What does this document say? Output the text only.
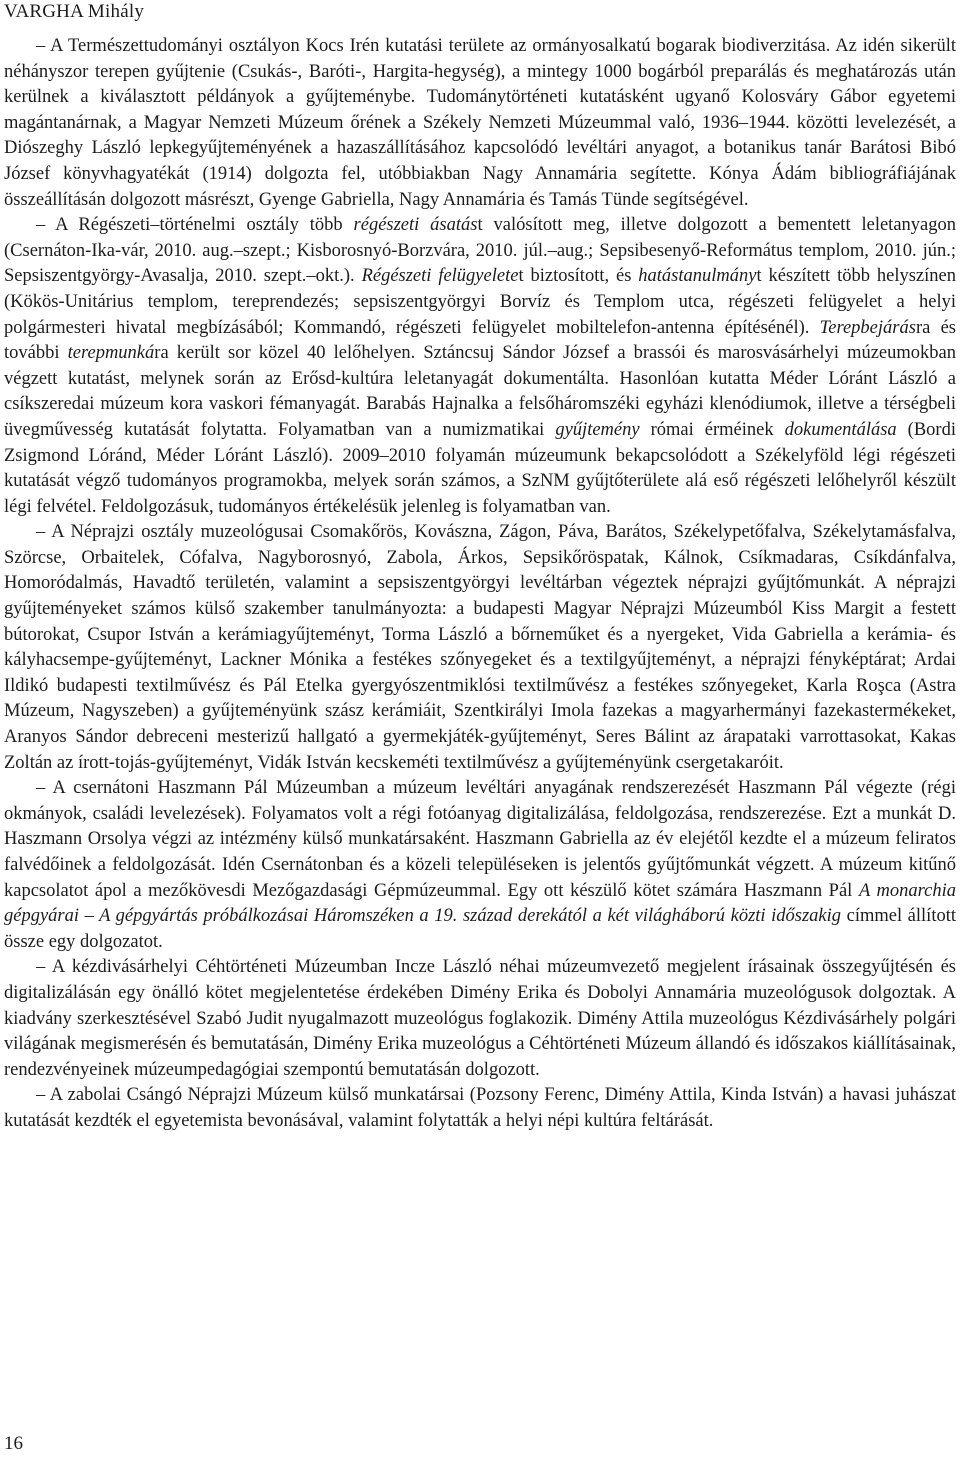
VARGHA Mihály

– A Természettudományi osztályon Kocs Irén kutatási területe az ormányosalkatú bogarak biodiverzitása. Az idén sikerült néhányszor terepen gyűjtenie (Csukás-, Baróti-, Hargita-hegység), a mintegy 1000 bogárból preparálás és meghatározás után kerülnek a kiválasztott példányok a gyűjteménybe. Tudománytörténeti kutatásként ugyanő Kolosváry Gábor egyetemi magántanárnak, a Magyar Nemzeti Múzeum őrének a Székely Nemzeti Múzeummal való, 1936–1944. közötti levelezését, a Diószeghy László lepkegyűjteményének a hazaszállításához kapcsolódó levéltári anyagot, a botanikus tanár Barátosi Bibó József könyvhagyatékát (1914) dolgozta fel, utóbbiakban Nagy Annamária segítette. Kónya Ádám bibliográfiájának összeállításán dolgozott másrészt, Gyenge Gabriella, Nagy Annamária és Tamás Tünde segítségével.

– A Régészeti–történelmi osztály több régészeti ásatást valósított meg, illetve dolgozott a bementett leletanyagon (Csernáton-Ika-vár, 2010. aug.–szept.; Kisborosnyó-Borzvára, 2010. júl.–aug.; Sepsibesenyő-Református templom, 2010. jún.; Sepsiszentgyörgy-Avasalja, 2010. szept.–okt.). Régészeti felügyeletet biztosított, és hatástanulmányt készített több helyszínen (Kökös-Unitárius templom, tereprendezés; sepsiszentgyörgyi Borvíz és Templom utca, régészeti felügyelet a helyi polgármesteri hivatal megbízásából; Kommandó, régészeti felügyelet mobiltelefon-antenna építésénél). Terepbejárásra és további terepmunkára került sor közel 40 lelőhelyen. Sztáncsuj Sándor József a brassói és marosvásárhelyi múzeumokban végzett kutatást, melynek során az Erősd-kultúra leletanyagát dokumentálta. Hasonlóan kutatta Méder Lóránt László a csíkszeredai múzeum kora vaskori fémanyagát. Barabás Hajnalka a felsőháromszéki egyházi klenódiumok, illetve a térségbeli üvegművesség kutatását folytatta. Folyamatban van a numizmatikai gyűjtemény római érméinek dokumentálása (Bordi Zsigmond Lóránd, Méder Lóránt László). 2009–2010 folyamán múzeumunk bekapcsolódott a Székelyföld légi régészeti kutatását végző tudományos programokba, melyek során számos, a SzNM gyűjtőterülete alá eső régészeti lelőhelyről készült légi felvétel. Feldolgozásuk, tudományos értékelésük jelenleg is folyamatban van.

– A Néprajzi osztály muzeológusai Csomakőrös, Kovászna, Zágon, Páva, Barátos, Székelypetőfalva, Székelytamásfalva, Szörcse, Orbaitelek, Cófalva, Nagyborosnyó, Zabola, Árkos, Sepsikőröspatak, Kálnok, Csíkmadaras, Csíkdánfalva, Homoródalmás, Havadtő területén, valamint a sepsiszentgyörgyi levéltárban végeztek néprajzi gyűjtőmunkát. A néprajzi gyűjteményeket számos külső szakember tanulmányozta: a budapesti Magyar Néprajzi Múzeumból Kiss Margit a festett bútorokat, Csupor István a kerámiagyűjteményt, Torma László a bőrneműket és a nyergeket, Vida Gabriella a kerámia- és kályhacsempe-gyűjteményt, Lackner Mónika a festékes szőnyegeket és a textilgyűjteményt, a néprajzi fényképtárat; Ardai Ildikó budapesti textilművész és Pál Etelka gyergyószentmiklósi textilművész a festékes szőnyegeket, Karla Roşca (Astra Múzeum, Nagyszeben) a gyűjteményünk szász kerámiáit, Szentkirályi Imola fazekas a magyarhermányi fazekastermékeket, Aranyos Sándor debreceni mesterizű hallgató a gyermekjáték-gyűjteményt, Seres Bálint az árapataki varrottasokat, Kakas Zoltán az írott-tojás-gyűjteményt, Vidák István kecskeméti textilművész a gyűjteményünk csergetakaróit.

– A csernátoni Haszmann Pál Múzeumban a múzeum levéltári anyagának rendszerezését Haszmann Pál végezte (régi okmányok, családi levelezések). Folyamatos volt a régi fotóanyag digitalizálása, feldolgozása, rendszerezése. Ezt a munkát D. Haszmann Orsolya végzi az intézmény külső munkatársaként. Haszmann Gabriella az év elejétől kezdte el a múzeum feliratos falvédőinek a feldolgozását. Idén Csernátonban és a közeli településeken is jelentős gyűjtőmunkát végzett. A múzeum kitűnő kapcsolatot ápol a mezőkövesdi Mezőgazdasági Gépmúzeummal. Egy ott készülő kötet számára Haszmann Pál A monarchia gépgyárai – A gépgyártás próbálkozásai Háromszéken a 19. század derekától a két világháború közti időszakig címmel állított össze egy dolgozatot.

– A kézdivásárhelyi Céhtörténeti Múzeumban Incze László néhai múzeumvezető megjelent írásainak összegyűjtésén és digitalizálásán egy önálló kötet megjelentetése érdekében Dimény Erika és Dobolyi Annamária muzeológusok dolgoztak. A kiadvány szerkesztésével Szabó Judit nyugalmazott muzeológus foglakozik. Dimény Attila muzeológus Kézdivásárhely polgári világának megismerésén és bemutatásán, Dimény Erika muzeológus a Céhtörténeti Múzeum állandó és időszakos kiállításainak, rendezvényeinek múzeumpedagógiai szempontú bemutatásán dolgozott.

– A zabolai Csángó Néprajzi Múzeum külső munkatársai (Pozsony Ferenc, Dimény Attila, Kinda István) a havasi juhászat kutatását kezdték el egyetemista bevonásával, valamint folytatták a helyi népi kultúra feltárását.

16
